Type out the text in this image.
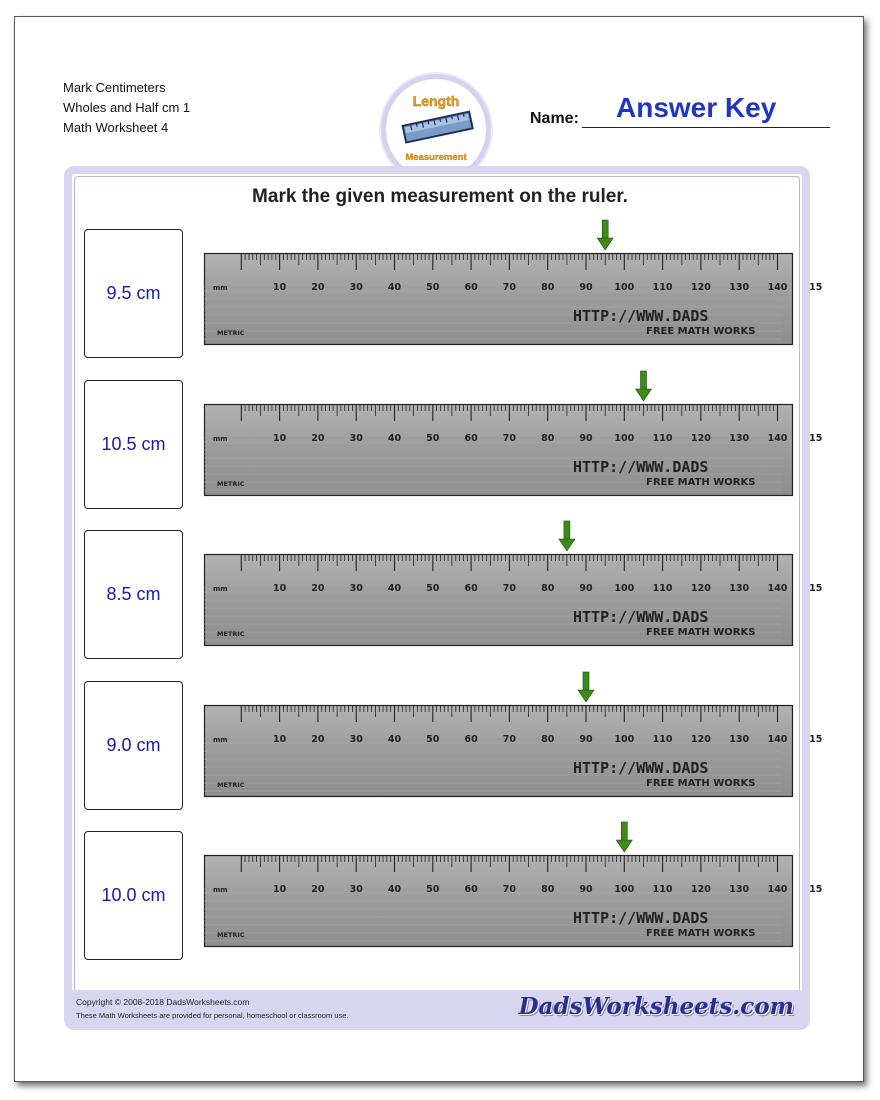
Mark Centimeters
Wholes and Half cm 1
Math Worksheet 4
Length
Measurement
Name: Answer Key
Mark the given measurement on the ruler.
9.5 cm	mm	10	20	30	40	50	60	70	80	90 100 110 120 130 140 15
HTTP://WWW.DADS
FREE MATH WORKS
METRIC
10.5 cm	mm	10	20	30	40	50	60	70	80	90 100 110 120 130 140 15
HTTP://WWW.DADS
FREE MATH WORKS
METRIC
8.5 cm	mm	10	20	30	40	50	60	70	80	90 100 110 120 130 140 15
HTTP://WWW.DADS
FREE MATH WORKS
METRIC
9.0 cm	mm	10	20	30	40	50	60	70	80	90 100 110 120 130 140 15
HTTP://WWW.DADS
FREE MATH WORKS
METRIC
10.0 cm	mm	10	20	30	40	50	60	70	80	90 100 110 120 130 140 15
HTTP://WWW.DADS
FREE MATH WORKS
METRIC
Copyright © 2008-2018 DadsWorksheets.com
These Math Worksheets are provided for personal, homeschool or classroom use.	DadsWorksheets.com
